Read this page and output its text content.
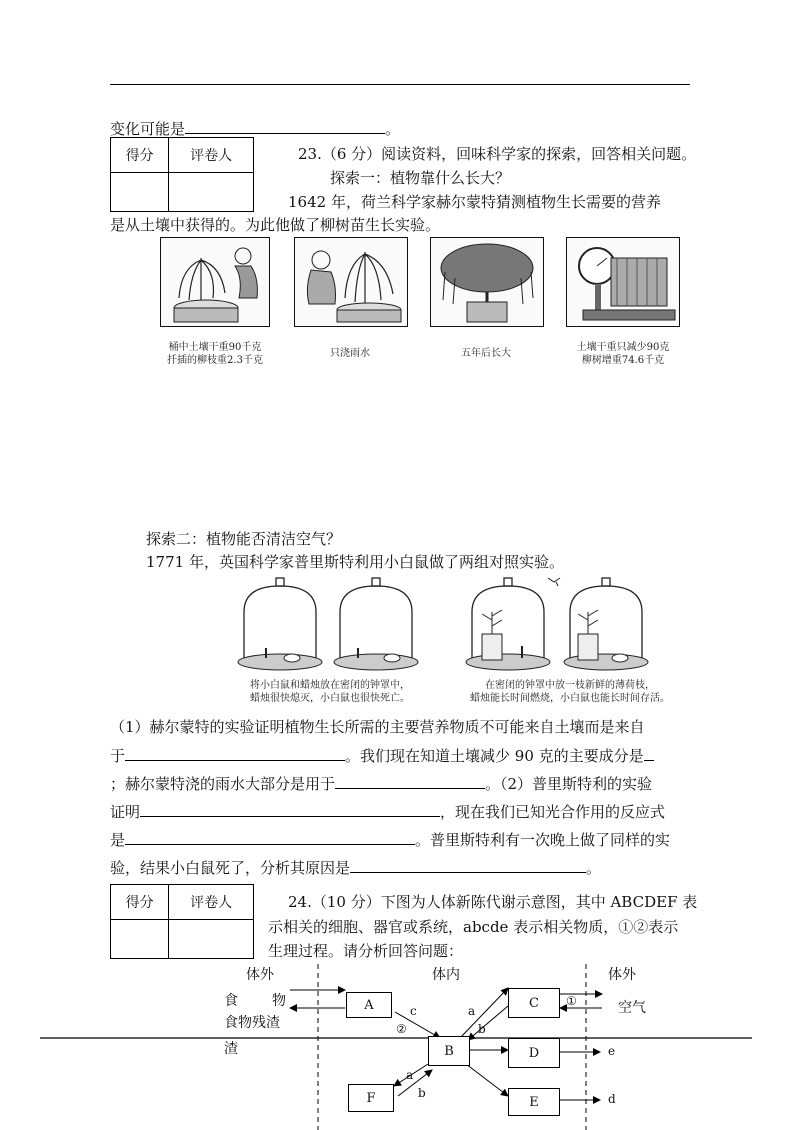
变化可能是	。
得分	评卷人
		23.（6 分）阅读资料，回味科学家的探索，回答相关问题。
探索一：植物靠什么长大？
1642 年，荷兰科学家赫尔蒙特猜测植物生长需要的营养
是从土壤中获得的。为此他做了柳树苗生长实验。
桶中土壤干重90千克
扦插的柳枝重2.3千克
只浇雨水	五年后长大
土壤干重只减少90克
柳树增重74.6千克
探索二：植物能否清洁空气？
1771 年，英国科学家普里斯特利用小白鼠做了两组对照实验。
将小白鼠和蜡烛放在密闭的钟罩中，
蜡烛很快熄灭，小白鼠也很快死亡。
在密闭的钟罩中放一枝新鲜的薄荷枝，
蜡烛能长时间燃烧，小白鼠也能长时间存活。
（1）赫尔蒙特的实验证明植物生长所需的主要营养物质不可能来自土壤而是来自
于	。我们现在知道土壤减少 90 克的主要成分是
；赫尔蒙特浇的雨水大部分是用于	。（2）普里斯特利的实验
证明	，现在我们已知光合作用的反应式
是	。普里斯特利有一次晚上做了同样的实
验，结果小白鼠死了，分析其原因是	。
得分	评卷人
		24.（10 分）下图为人体新陈代谢示意图，其中 ABCDEF 表
示相关的细胞、器官或系统，abcde 表示相关物质，①②表示
生理过程。请分析回答问题：
体外	体内	体外
食 物
食物残渣
渣
空气
A	C
B	D
F	E
c
②
a
b
①
e
a
b	d
